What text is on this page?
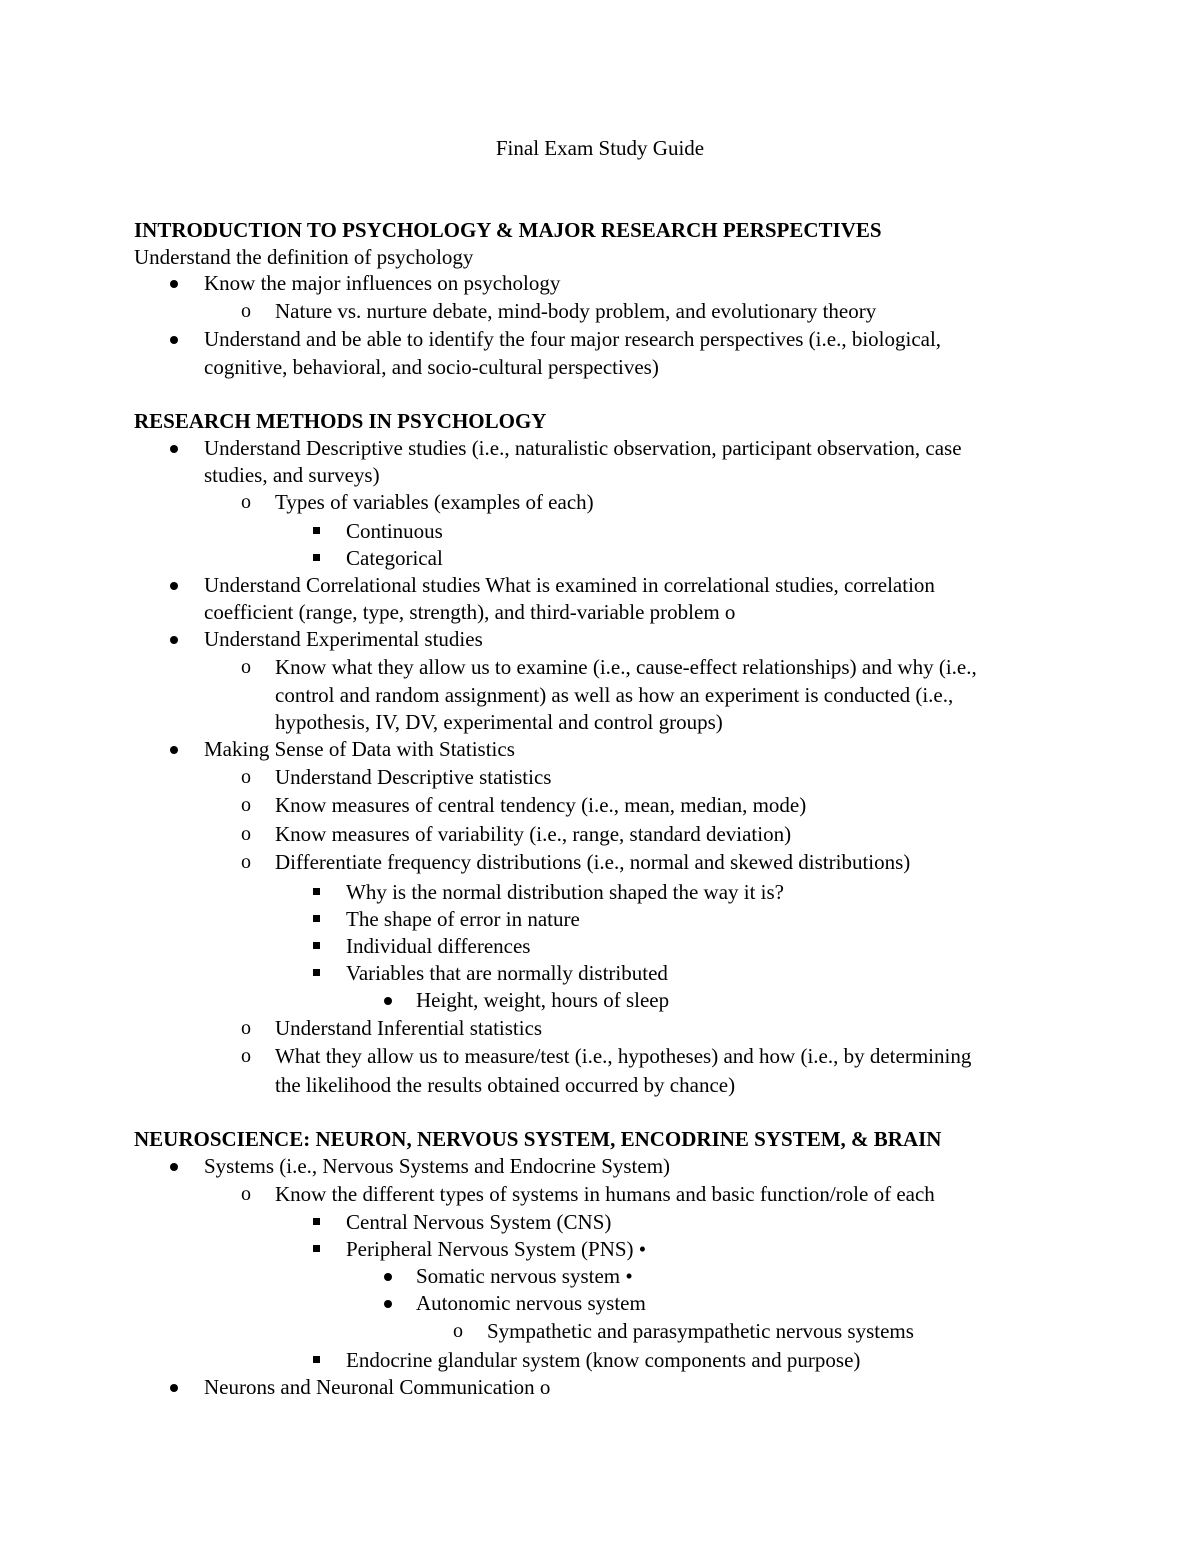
Final Exam Study Guide
INTRODUCTION TO PSYCHOLOGY & MAJOR RESEARCH PERSPECTIVES
Understand the definition of psychology
Know the major influences on psychology
o Nature vs. nurture debate, mind-body problem, and evolutionary theory
Understand and be able to identify the four major research perspectives (i.e., biological,
cognitive, behavioral, and socio-cultural perspectives)
RESEARCH METHODS IN PSYCHOLOGY
Understand Descriptive studies (i.e., naturalistic observation, participant observation, case
studies, and surveys)
o Types of variables (examples of each)
Continuous
Categorical
Understand Correlational studies What is examined in correlational studies, correlation
coefficient (range, type, strength), and third-variable problem o
Understand Experimental studies
o Know what they allow us to examine (i.e., cause-effect relationships) and why (i.e.,
control and random assignment) as well as how an experiment is conducted (i.e.,
hypothesis, IV, DV, experimental and control groups)
Making Sense of Data with Statistics
o Understand Descriptive statistics
o Know measures of central tendency (i.e., mean, median, mode)
o Know measures of variability (i.e., range, standard deviation)
o Differentiate frequency distributions (i.e., normal and skewed distributions)
Why is the normal distribution shaped the way it is?
The shape of error in nature
Individual differences
Variables that are normally distributed
Height, weight, hours of sleep
o Understand Inferential statistics
o What they allow us to measure/test (i.e., hypotheses) and how (i.e., by determining
the likelihood the results obtained occurred by chance)
NEUROSCIENCE: NEURON, NERVOUS SYSTEM, ENCODRINE SYSTEM, & BRAIN
Systems (i.e., Nervous Systems and Endocrine System)
o Know the different types of systems in humans and basic function/role of each
Central Nervous System (CNS)
Peripheral Nervous System (PNS) •
Somatic nervous system •
Autonomic nervous system
o Sympathetic and parasympathetic nervous systems
Endocrine glandular system (know components and purpose)
Neurons and Neuronal Communication o
